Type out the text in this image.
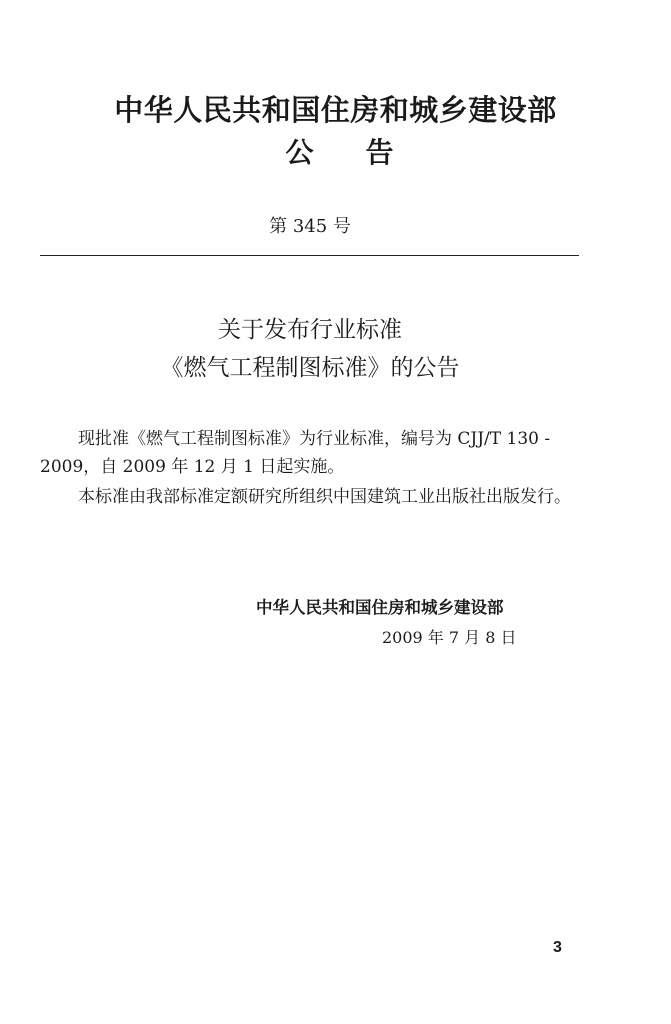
中华人民共和国住房和城乡建设部
公告
第 345 号
关于发布行业标准
《燃气工程制图标准》的公告
现批准《燃气工程制图标准》为行业标准，编号为 CJJ/T 130 - 2009，自 2009 年 12 月 1 日起实施。
本标准由我部标准定额研究所组织中国建筑工业出版社出版发行。
中华人民共和国住房和城乡建设部
2009 年 7 月 8 日
3
